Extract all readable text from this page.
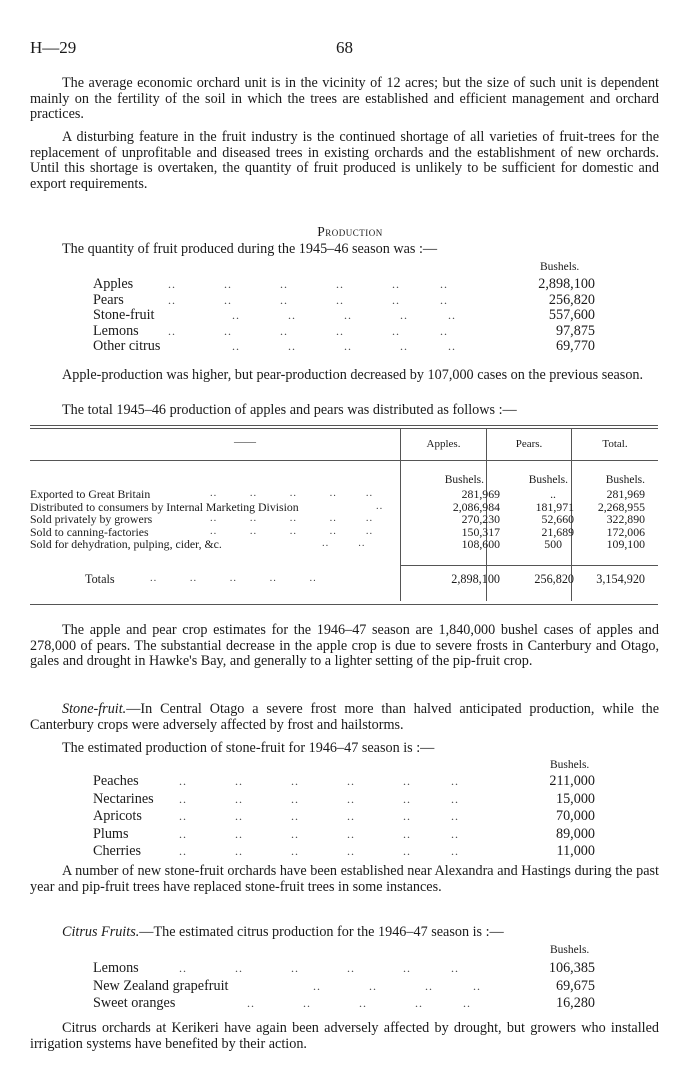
H—29	68

The average economic orchard unit is in the vicinity of 12 acres; but the size of such unit is dependent mainly on the fertility of the soil in which the trees are established and efficient management and orchard practices.

A disturbing feature in the fruit industry is the continued shortage of all varieties of fruit-trees for the replacement of unprofitable and diseased trees in existing orchards and the establishment of new orchards. Until this shortage is overtaken, the quantity of fruit produced is unlikely to be sufficient for domestic and export requirements.

Production
The quantity of fruit produced during the 1945–46 season was :—
Bushels.
Apples	..            ..            ..            ..            ..          ..	2,898,100
Pears	..            ..            ..            ..            ..          ..	256,820
Stone-fruit	..            ..            ..            ..          ..	557,600
Lemons ..            ..            ..            ..            ..          ..	97,875
Other citrus	..            ..            ..            ..          ..	69,770

Apple-production was higher, but pear-production decreased by 107,000 cases on the previous season.

The total 1945–46 production of apples and pears was distributed as follows :—
——	Apples.	Pears.	Total.
Bushels.	Bushels.	Bushels.
Exported to Great Britain	..         ..         ..         ..        ..	281,969	..	281,969
Distributed to consumers by Internal Marketing Division	..	2,086,984	181,971 2,268,955
Sold privately by growers	..         ..         ..         ..        ..	270,230	52,660	322,890
Sold to canning-factories	..         ..         ..         ..        ..	150,317	21,689	172,006
Sold for dehydration, pulping, cider, &c.	..        ..	108,600	500	109,100
Totals	..         ..         ..         ..         ..	2,898,100	256,820 3,154,920

The apple and pear crop estimates for the 1946–47 season are 1,840,000 bushel cases of apples and 278,000 of pears. The substantial decrease in the apple crop is due to severe frosts in Canterbury and Otago, gales and drought in Hawke's Bay, and generally to a lighter setting of the pip-fruit crop.

Stone-fruit.—In Central Otago a severe frost more than halved anticipated production, while the Canterbury crops were adversely affected by frost and hailstorms.

The estimated production of stone-fruit for 1946–47 season is :—
Bushels.
Peaches	..            ..            ..            ..            ..          ..	211,000
Nectarines ..            ..            ..            ..            ..          ..	15,000
Apricots	..            ..            ..            ..            ..          ..	70,000
Plums	..            ..            ..            ..            ..          ..	89,000
Cherries	..            ..            ..            ..            ..          ..	11,000

A number of new stone-fruit orchards have been established near Alexandra and Hastings during the past year and pip-fruit trees have replaced stone-fruit trees in some instances.

Citrus Fruits.—The estimated citrus production for the 1946–47 season is :—
Bushels.
Lemons	..            ..            ..            ..            ..          ..	106,385
New Zealand grapefruit	..            ..            ..          ..	69,675
Sweet oranges	..            ..            ..            ..          ..	16,280

Citrus orchards at Kerikeri have again been adversely affected by drought, but growers who installed irrigation systems have benefited by their action.
